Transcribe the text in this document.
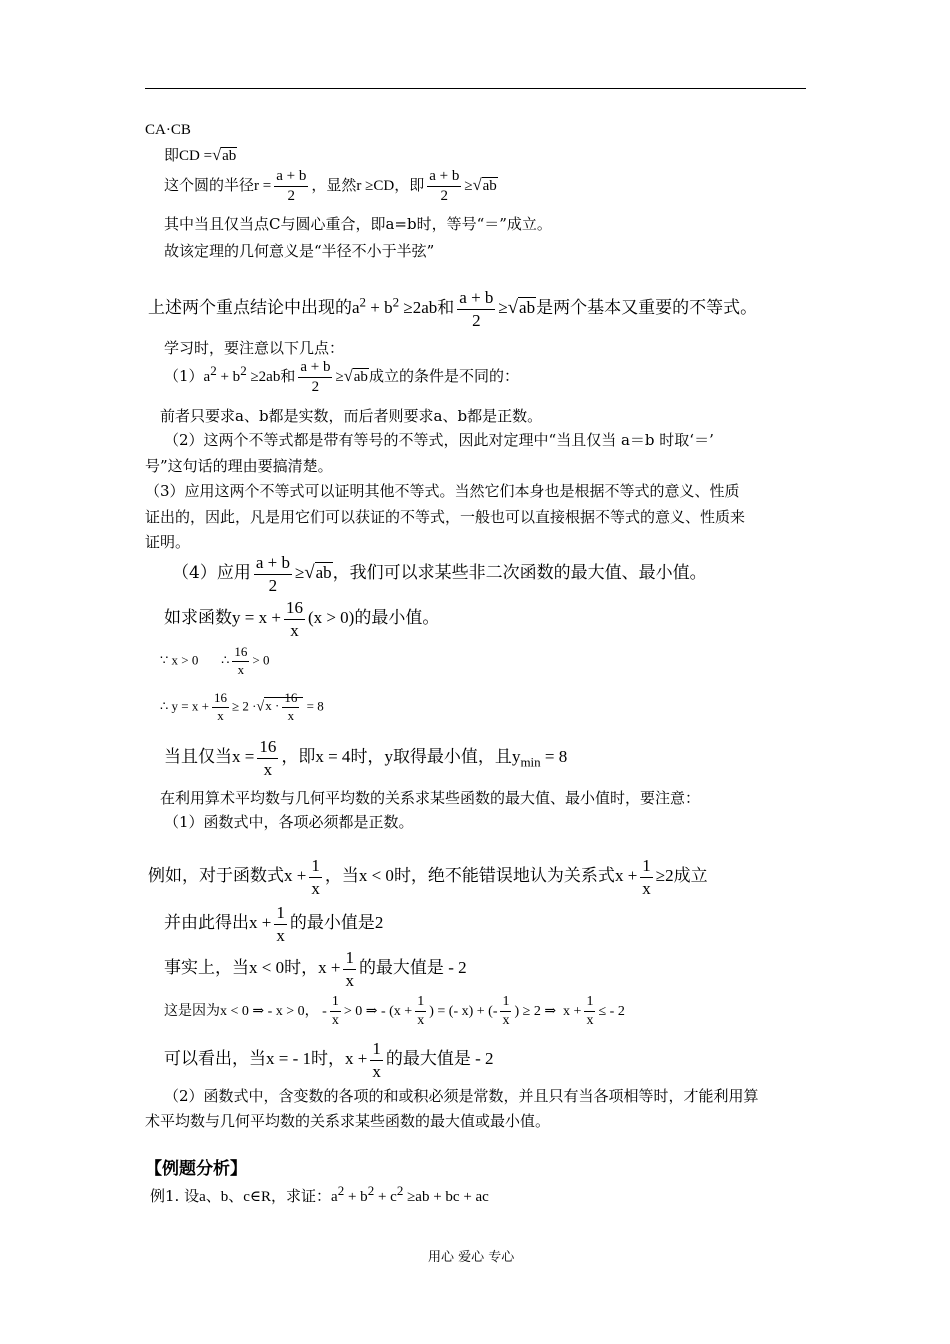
CA·CB
即CD =√ab
这个圆的半径$r = \frac{a + b}{2}$ ，显然r ≥CD，即 $\frac{a + b}{2} \ge√ab$
其中当且仅当点C与圆心重合，即a=b时，等号“＝”成立。
故该定理的几何意义是“半径不小于半弦”
上述两个重点结论中出现的$a^2 + b^2 \ge 2ab$和 $\frac{a + b}{2} \ge√ab$是两个基本又重要的不等式。
学习时，要注意以下几点：
$(1)a^2 + b^2 \ge 2ab$和 $\frac{a + b}{2} \ge√ab$成立的条件是不同的：
前者只要求a、b都是实数，而后者则要求a、b都是正数。
（2）这两个不等式都是带有等号的不等式，因此对定理中“当且仅当 a＝b 时取‘＝’
号”这句话的理由要搞清楚。
（3）应用这两个不等式可以证明其他不等式。当然它们本身也是根据不等式的意义、性质
证出的，因此，凡是用它们可以获证的不等式，一般也可以直接根据不等式的意义、性质来
证明。
（4）应用 $\frac{a + b}{2} \ge√ab$，我们可以求某些非二次函数的最大值、最小值。
如求函数$y = x + \frac{16}{x} (x > 0)$的最小值。
∵ x > 0       ∴ $\frac{16}{x} > 0$
∴ $y = x + \frac{16}{x} \ge 2 \cdot√x \cdot \frac{16}{x} = 8$
当且仅当$x = \frac{16}{x}$ ，即x = 4时，y取得最小值，且$y_{min} = 8$
在利用算术平均数与几何平均数的关系求某些函数的最大值、最小值时，要注意：
（1）函数式中，各项必须都是正数。
例如，对于函数式$x + \frac{1}{x}$ ，当x < 0时，绝不能错误地认为关系式$x + \frac{1}{x} \ge 2$成立
并由此得出$x + \frac{1}{x}$ 的最小值是2
事实上，当x < 0时，$x + \frac{1}{x}$ 的最大值是 - 2
这是因为x < 0 ⇒ - x > 0， - $\frac{1}{x} > 0$ ⇒ - ($x + \frac{1}{x}$ ) = (- x) + (- $\frac{1}{x}$ ) ≥ 2 ⇒  $x + \frac{1}{x}$ ≤ - 2
可以看出，当x = - 1时，$x + \frac{1}{x}$ 的最大值是 - 2
（2）函数式中，含变数的各项的和或积必须是常数，并且只有当各项相等时，才能利用算
术平均数与几何平均数的关系求某些函数的最大值或最小值。
【例题分析】
例1. 设a、b、c∈R，求证：$a^2 + b^2 + c^2 \ge ab$ + bc + ac
用心 爱心 专心
